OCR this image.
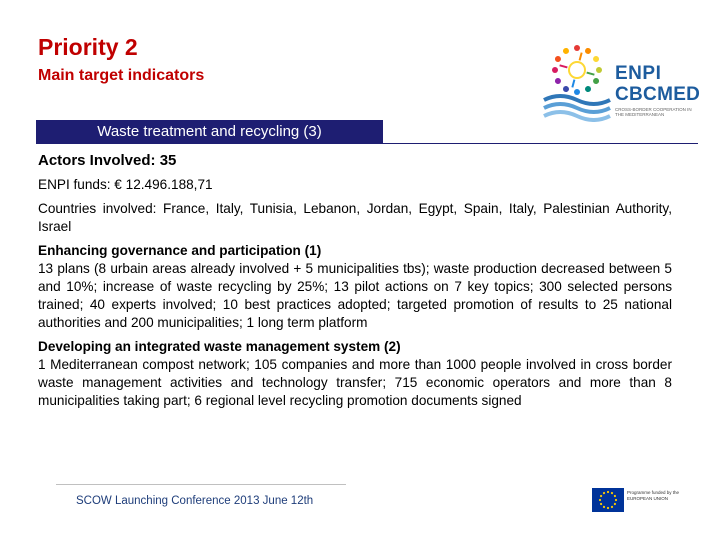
Priority 2
Main target indicators	ENPI
CBCMED
CROSS-BORDER COOPERATION IN THE MEDITERRANEAN
Waste treatment and recycling (3)

Actors Involved: 35

ENPI funds: € 12.496.188,71

Countries involved: France, Italy, Tunisia, Lebanon, Jordan, Egypt, Spain, Italy, Palestinian Authority, Israel

Enhancing governance and participation (1)

13 plans (8 urbain areas already involved + 5 municipalities tbs); waste production decreased between 5 and 10%; increase of waste recycling by 25%; 13 pilot actions on 7 key topics; 300 selected persons trained; 40 experts involved; 10 best practices adopted; targeted promotion of results to 25 national authorities and 200 municipalities; 1 long term platform

Developing an integrated waste management system (2)

1 Mediterranean compost network; 105 companies and more than 1000 people involved in cross border waste management activities and technology transfer; 715 economic operators and more than 8 municipalities taking part; 6 regional level recycling promotion documents signed

SCOW Launching Conference 2013 June 12th
Programme funded by the EUROPEAN UNION
